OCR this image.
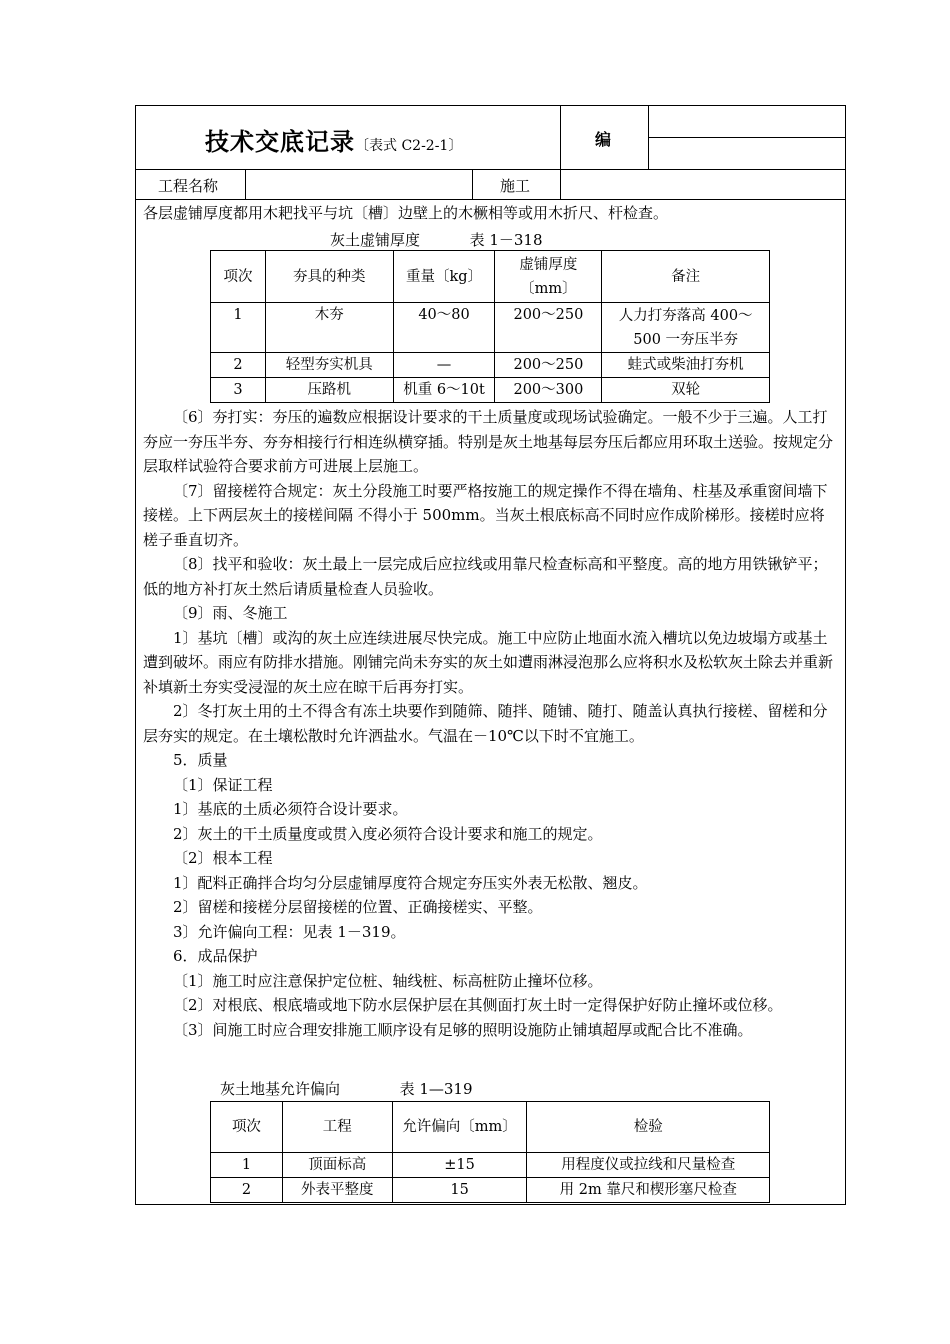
技术交底记录〔表式 C2-2-1〕	编
工程名称	施工
各层虚铺厚度都用木耙找平与坑〔槽〕边壁上的木橛相等或用木折尺、杆检查。
灰土虚铺厚度	表 1－318
项次	夯具的种类	重量〔kg〕	虚铺厚度〔mm〕	备注
1	木夯	40～80	200～250	人力打夯落高 400～500 一夯压半夯
2	轻型夯实机具	—	200～250	蛙式或柴油打夯机
3	压路机	机重 6～10t	200～300	双轮

〔6〕夯打实：夯压的遍数应根据设计要求的干土质量度或现场试验确定。一般不少于三遍。人工打夯应一夯压半夯、夯夯相接行行相连纵横穿插。特别是灰土地基每层夯压后都应用环取土送验。按规定分层取样试验符合要求前方可进展上层施工。

〔7〕留接槎符合规定：灰土分段施工时要严格按施工的规定操作不得在墙角、柱基及承重窗间墙下接槎。上下两层灰土的接槎间隔 不得小于 500mm。当灰土根底标高不同时应作成阶梯形。接槎时应将槎子垂直切齐。

〔8〕找平和验收：灰土最上一层完成后应拉线或用靠尺检查标高和平整度。高的地方用铁锹铲平；低的地方补打灰土然后请质量检查人员验收。

〔9〕雨、冬施工

1〕基坑〔槽〕或沟的灰土应连续进展尽快完成。施工中应防止地面水流入槽坑以免边坡塌方或基土遭到破坏。雨应有防排水措施。刚铺完尚未夯实的灰土如遭雨淋浸泡那么应将积水及松软灰土除去并重新补填新土夯实受浸湿的灰土应在晾干后再夯打实。

2〕冬打灰土用的土不得含有冻土块要作到随筛、随拌、随铺、随打、随盖认真执行接槎、留槎和分层夯实的规定。在土壤松散时允许洒盐水。气温在－10℃以下时不宜施工。

5．质量

〔1〕保证工程

1〕基底的土质必须符合设计要求。

2〕灰土的干土质量度或贯入度必须符合设计要求和施工的规定。

〔2〕根本工程

1〕配料正确拌合均匀分层虚铺厚度符合规定夯压实外表无松散、翘皮。

2〕留槎和接槎分层留接槎的位置、正确接槎实、平整。

3〕允许偏向工程：见表 1－319。

6．成品保护

〔1〕施工时应注意保护定位桩、轴线桩、标高桩防止撞坏位移。

〔2〕对根底、根底墙或地下防水层保护层在其侧面打灰土时一定得保护好防止撞坏或位移。

〔3〕间施工时应合理安排施工顺序设有足够的照明设施防止铺填超厚或配合比不准确。

灰土地基允许偏向	表 1—319
项次	工程	允许偏向〔mm〕	检验
1	顶面标高	±15	用程度仪或拉线和尺量检查
2	外表平整度	15	用 2m 靠尺和楔形塞尺检查
